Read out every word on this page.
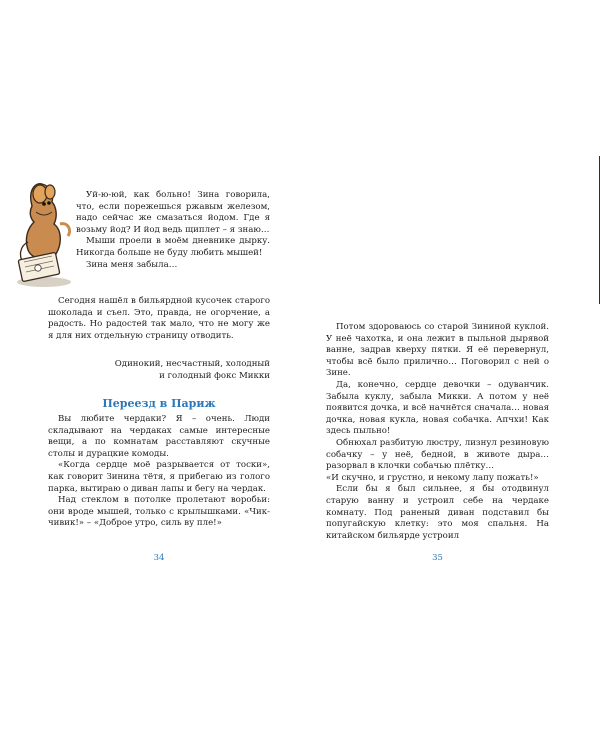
Уй-ю-юй, как больно! Зина говорила, что, если порежешься ржавым железом, надо сейчас же смазаться йодом. Где я возьму йод? И йод ведь щиплет – я знаю…

Мыши проели в моём дневнике дырку. Никогда больше не буду любить мышей!

Зина меня забыла…

Сегодня нашёл в бильярдной кусочек старого шоколада и съел. Это, правда, не огорчение, а радость. Но радостей так мало, что не могу же я для них отдельную страницу отводить.

Одинокий, несчастный, холодный
и голодный фокс Микки
Переезд в Париж

Вы любите чердаки? Я – очень. Люди складывают на чердаках самые интересные вещи, а по комнатам расставляют скучные столы и дурацкие комоды.

«Когда сердце моё разрывается от тоски», как говорит Зинина тётя, я прибегаю из голого парка, вытираю о диван лапы и бегу на чердак.

Над стеклом в потолке пролетают воробьи: они вроде мышей, только с крылышками. «Чик-чивик!» – «Доброе утро, силь ву пле!»

34

Потом здороваюсь со старой Зининой куклой. У неё чахотка, и она лежит в пыльной дырявой ванне, задрав кверху пятки. Я её перевернул, чтобы всё было прилично… Поговорил с ней о Зине.

Да, конечно, сердце девочки – одуванчик. Забыла куклу, забыла Микки. А потом у неё появится дочка, и всё начнётся сначала… новая дочка, новая кукла, новая собачка. Апчхи! Как здесь пыльно!

Обнюхал разбитую люстру, лизнул резиновую собачку – у неё, бедной, в животе дыра… разорвал в клочки собачью плётку…

«И скучно, и грустно, и некому лапу пожать!»

Если бы я был сильнее, я бы отодвинул старую ванну и устроил себе на чердаке комнату. Под раненый диван подставил бы попугайскую клетку: это моя спальня. На китайском бильярде устроил

35
